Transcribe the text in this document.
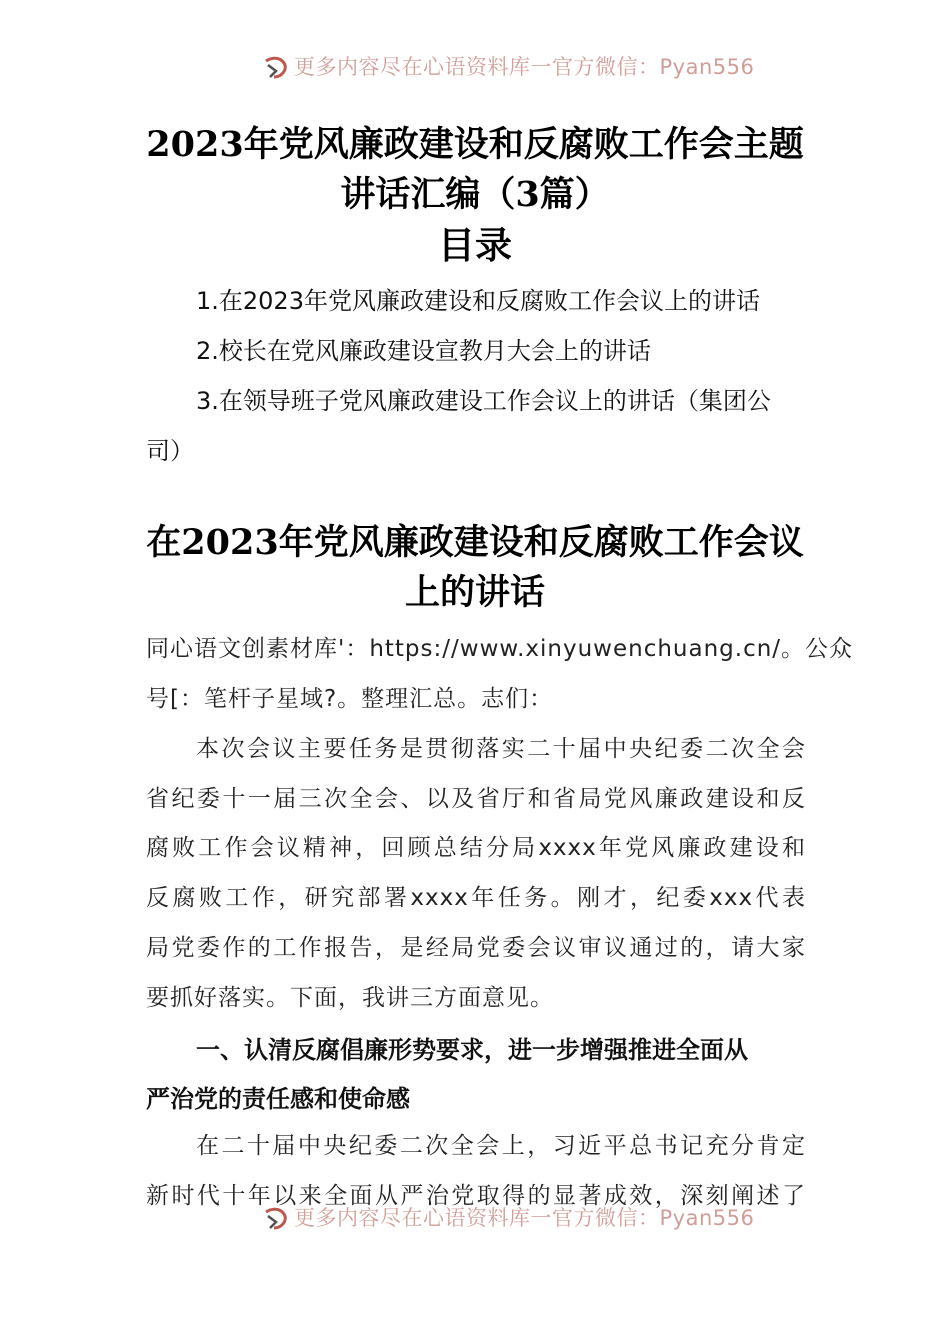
更多内容尽在心语资料库一官方微信：Pyan556
2023年党风廉政建设和反腐败工作会主题
讲话汇编（3篇）
目录
1.在2023年党风廉政建设和反腐败工作会议上的讲话
2.校长在党风廉政建设宣教月大会上的讲话
3.在领导班子党风廉政建设工作会议上的讲话（集团公
司）
在2023年党风廉政建设和反腐败工作会议
上的讲话
同心语文创素材库'：https://www.xinyuwenchuang.cn/。公众
号[：笔杆子星域?。整理汇总。志们：
本次会议主要任务是贯彻落实二十届中央纪委二次全会
省纪委十一届三次全会、以及省厅和省局党风廉政建设和反
腐败工作会议精神，回顾总结分局xxxx年党风廉政建设和
反腐败工作，研究部署xxxx年任务。刚才，纪委xxx代表
局党委作的工作报告，是经局党委会议审议通过的，请大家
要抓好落实。下面，我讲三方面意见。
一、认清反腐倡廉形势要求，进一步增强推进全面从
严治党的责任感和使命感
在二十届中央纪委二次全会上，习近平总书记充分肯定
新时代十年以来全面从严治党取得的显著成效，深刻阐述了
更多内容尽在心语资料库一官方微信：Pyan556
